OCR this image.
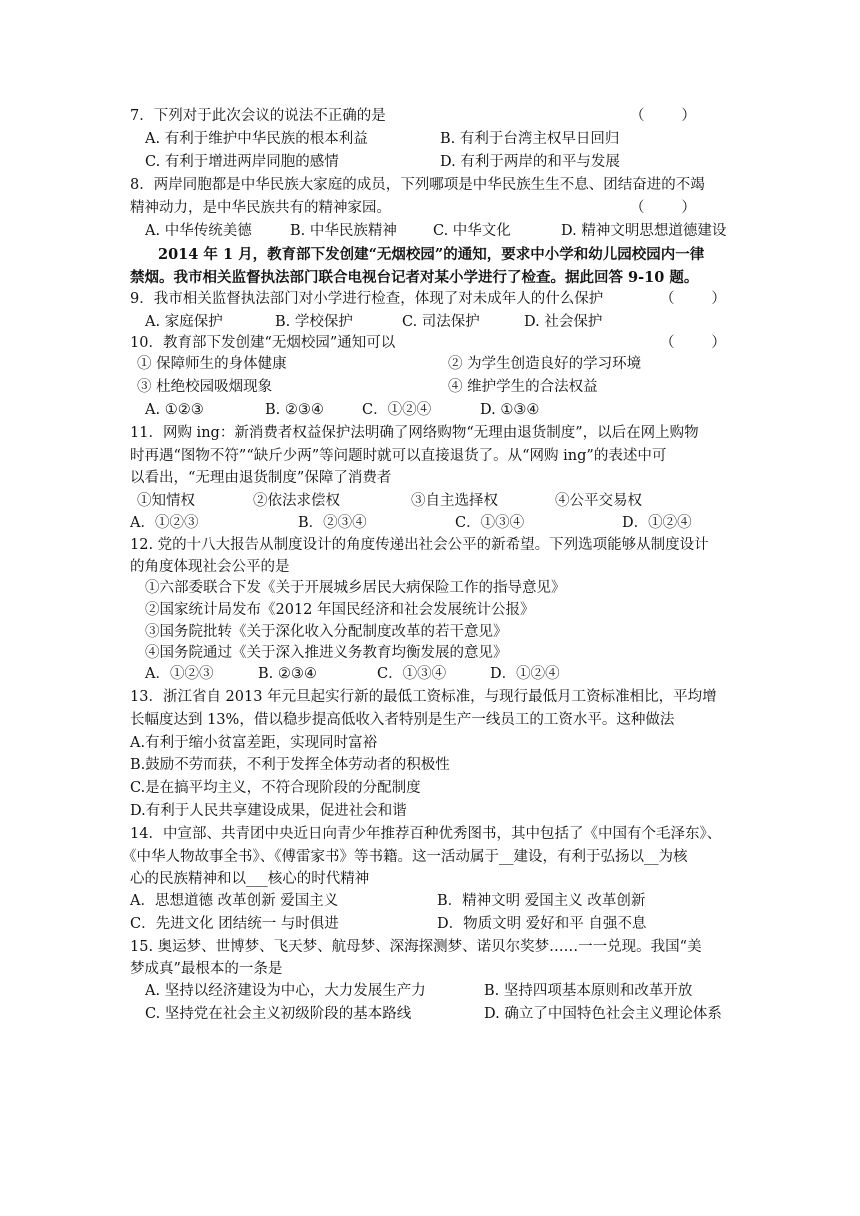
7．下列对于此次会议的说法不正确的是	（        ）
A. 有利于维护中华民族的根本利益	B. 有利于台湾主权早日回归
C. 有利于增进两岸同胞的感情	D. 有利于两岸的和平与发展
8．两岸同胞都是中华民族大家庭的成员，下列哪项是中华民族生生不息、团结奋进的不竭
精神动力，是中华民族共有的精神家园。	（        ）
A. 中华传统美德	B. 中华民族精神 C. 中华文化	D. 精神文明思想道德建设
2014 年 1 月，教育部下发创建“无烟校园”的通知，要求中小学和幼儿园校园内一律
禁烟。我市相关监督执法部门联合电视台记者对某小学进行了检查。据此回答 9-10 题。
9．我市相关监督执法部门对小学进行检查，体现了对未成年人的什么保护	（        ）
A. 家庭保护	B. 学校保护	C. 司法保护	D. 社会保护
10．教育部下发创建“无烟校园”通知可以	（        ）
① 保障师生的身体健康	② 为学生创造良好的学习环境
③ 杜绝校园吸烟现象	④ 维护学生的合法权益
A. ①②③	B. ②③④	C．①②④	D. ①③④
11．网购 ing：新消费者权益保护法明确了网络购物“无理由退货制度”，以后在网上购物
时再遇“图物不符”“缺斤少两”等问题时就可以直接退货了。从“网购 ing”的表述中可
以看出，“无理由退货制度”保障了消费者
①知情权	②依法求偿权	③自主选择权	④公平交易权
A．①②③	B．②③④	C．①③④	D．①②④
12. 党的十八大报告从制度设计的角度传递出社会公平的新希望。下列选项能够从制度设计
的角度体现社会公平的是
①六部委联合下发《关于开展城乡居民大病保险工作的指导意见》
②国家统计局发布《2012 年国民经济和社会发展统计公报》
③国务院批转《关于深化收入分配制度改革的若干意见》
④国务院通过《关于深入推进义务教育均衡发展的意见》
A．①②③	B. ②③④	C．①③④	D．①②④
13．浙江省自 2013 年元旦起实行新的最低工资标准，与现行最低月工资标准相比，平均增
长幅度达到 13%，借以稳步提高低收入者特别是生产一线员工的工资水平。这种做法
A.有利于缩小贫富差距，实现同时富裕
B.鼓励不劳而获，不利于发挥全体劳动者的积极性
C.是在搞平均主义，不符合现阶段的分配制度
D.有利于人民共享建设成果，促进社会和谐
14．中宣部、共青团中央近日向青少年推荐百种优秀图书，其中包括了《中国有个毛泽东》、
《中华人物故事全书》、《傅雷家书》等书籍。这一活动属于__建设，有利于弘扬以__为核
心的民族精神和以___核心的时代精神
A．思想道德 改革创新 爱国主义	B．精神文明 爱国主义 改革创新
C．先进文化 团结统一 与时俱进	D．物质文明 爱好和平 自强不息
15. 奥运梦、世博梦、飞天梦、航母梦、深海探测梦、诺贝尔奖梦……一一兑现。我国“美
梦成真”最根本的一条是
A. 坚持以经济建设为中心，大力发展生产力	B. 坚持四项基本原则和改革开放
C. 坚持党在社会主义初级阶段的基本路线	D. 确立了中国特色社会主义理论体系
